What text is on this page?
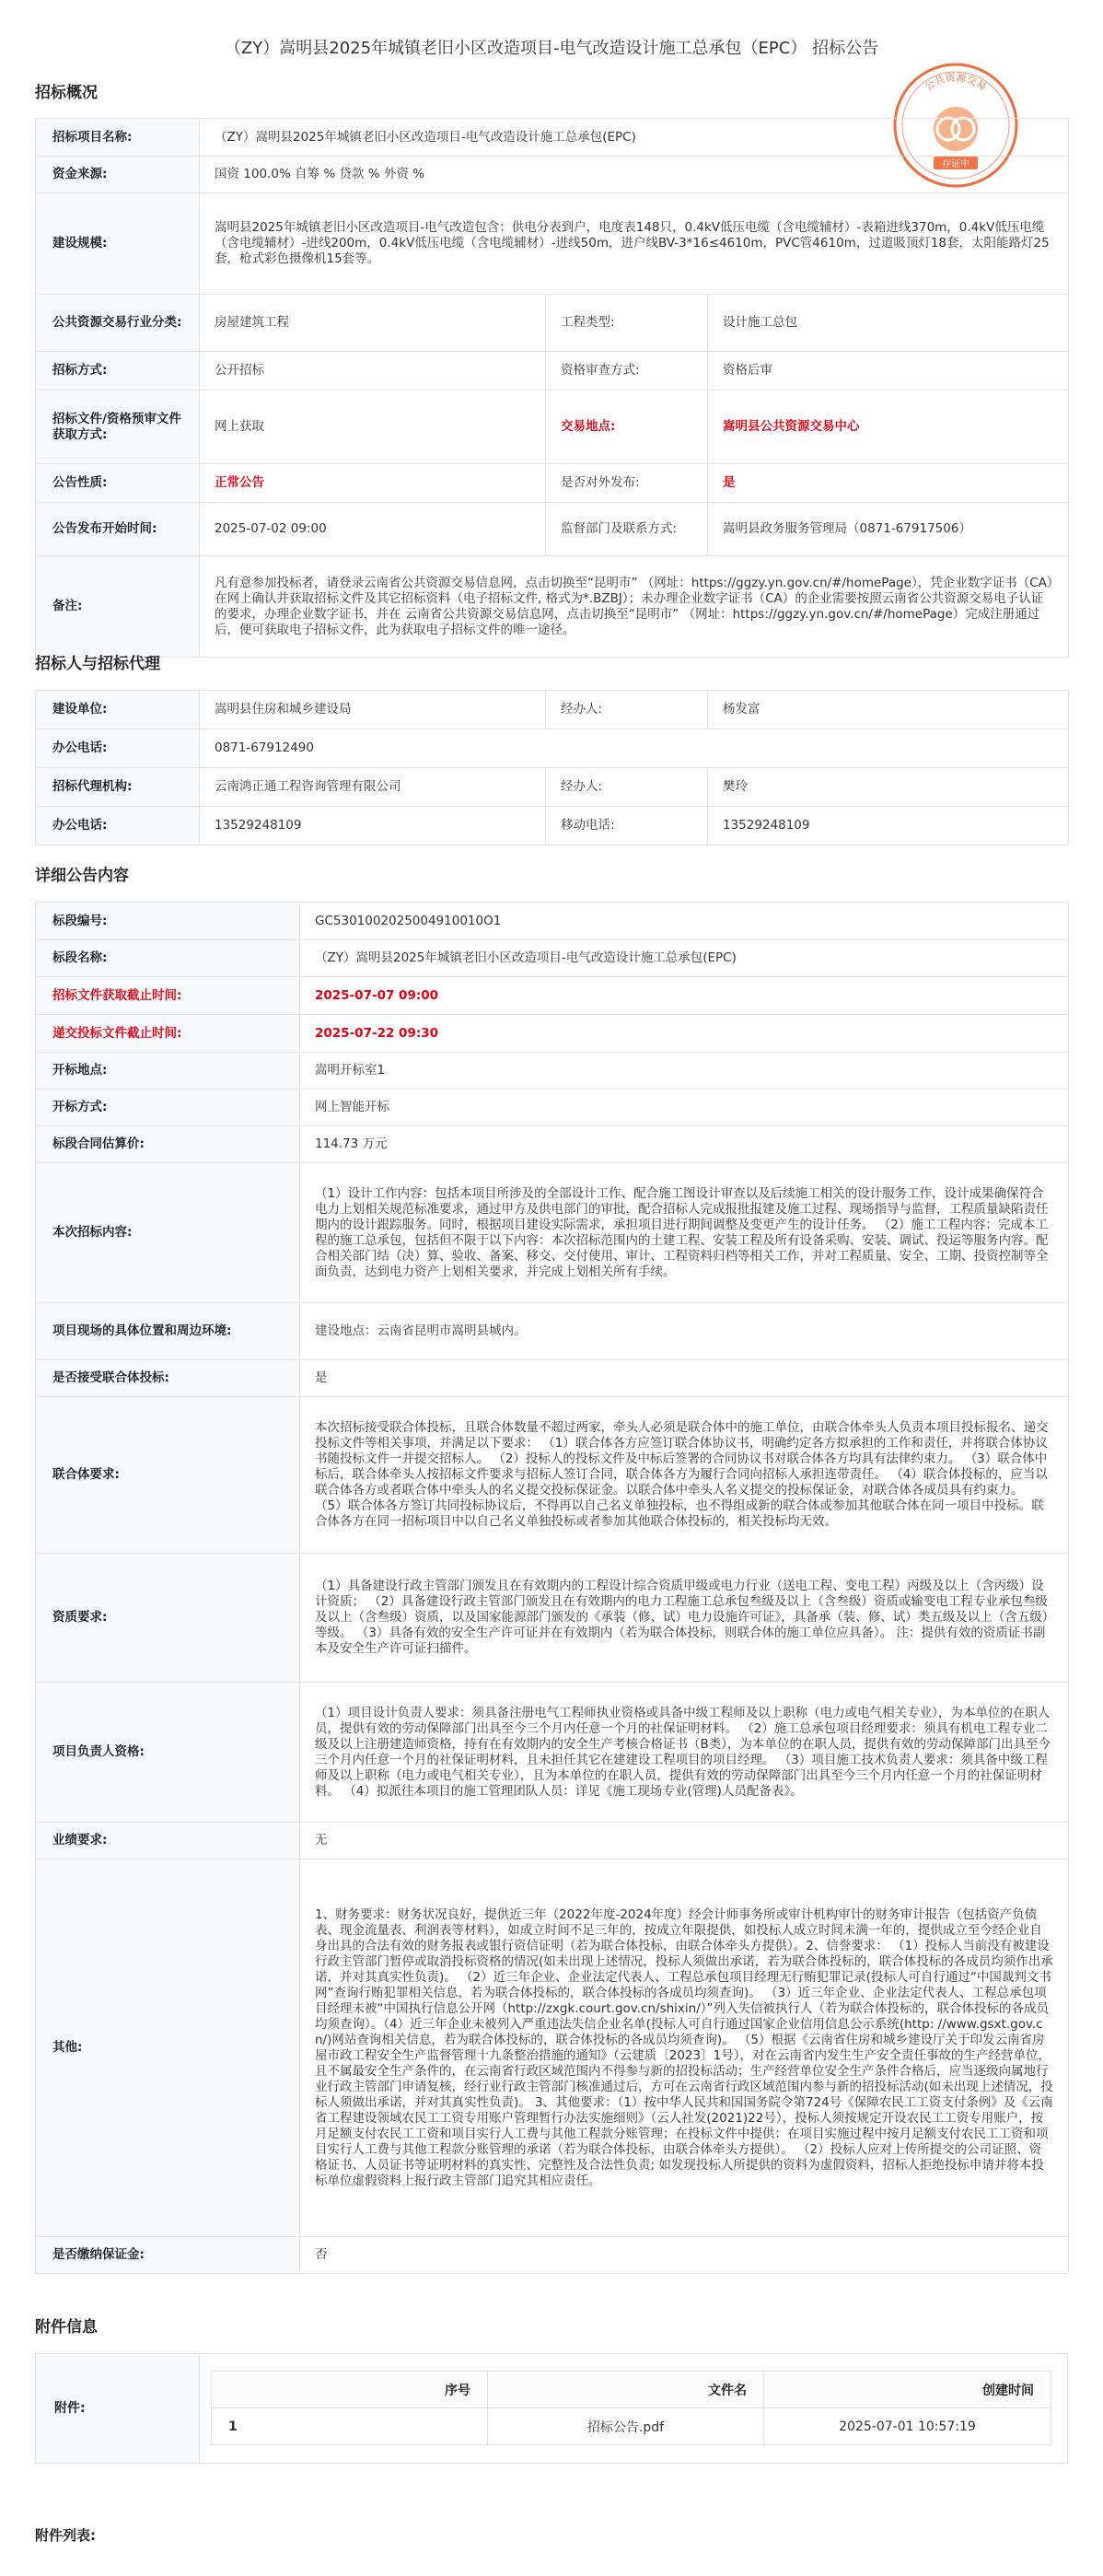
（ZY）嵩明县2025年城镇老旧小区改造项目-电气改造设计施工总承包（EPC） 招标公告
公共资源交易
存证中
招标概况
招标项目名称:	（ZY）嵩明县2025年城镇老旧小区改造项目-电气改造设计施工总承包(EPC)		
资金来源:	国资 100.0% 自筹 % 贷款 % 外资 %		
建设规模:	嵩明县2025年城镇老旧小区改造项目-电气改造包含：供电分表到户，电度表148只，0.4kV低压电缆（含电缆辅材）-表箱进线370m，0.4kV低压电缆（含电缆辅材）-进线200m，0.4kV低压电缆（含电缆辅材）-进线50m，进户线BV-3*16≤4610m，PVC管4610m，过道吸顶灯18套，太阳能路灯25套，枪式彩色摄像机15套等。		
公共资源交易行业分类:	房屋建筑工程	工程类型:	设计施工总包
招标方式:	公开招标	资格审查方式:	资格后审
招标文件/资格预审文件获取方式:	网上获取	交易地点:	嵩明县公共资源交易中心
公告性质:	正常公告	是否对外发布:	是
公告发布开始时间:	2025-07-02 09:00	监督部门及联系方式:	嵩明县政务服务管理局（0871-67917506）
备注:	凡有意参加投标者，请登录云南省公共资源交易信息网，点击切换至“昆明市” （网址：https://ggzy.yn.gov.cn/#/homePage），凭企业数字证书（CA）在网上确认并获取招标文件及其它招标资料（电子招标文件, 格式为*.BZBJ）；未办理企业数字证书（CA）的企业需要按照云南省公共资源交易电子认证的要求，办理企业数字证书，并在 云南省公共资源交易信息网，点击切换至“昆明市” （网址：https://ggzy.yn.gov.cn/#/homePage）完成注册通过后，便可获取电子招标文件，此为获取电子招标文件的唯一途径。		
招标人与招标代理
建设单位:	嵩明县住房和城乡建设局	经办人:	杨发富
办公电话:	0871-67912490		
招标代理机构:	云南鸿正通工程咨询管理有限公司	经办人:	樊玲
办公电话:	13529248109	移动电话:	13529248109
详细公告内容
标段编号:	GC5301002025004910010O1
标段名称:	（ZY）嵩明县2025年城镇老旧小区改造项目-电气改造设计施工总承包(EPC)
招标文件获取截止时间:	2025-07-07 09:00
递交投标文件截止时间:	2025-07-22 09:30
开标地点:	嵩明开标室1
开标方式:	网上智能开标
标段合同估算价:	114.73 万元
本次招标内容:	（1）设计工作内容：包括本项目所涉及的全部设计工作、配合施工图设计审查以及后续施工相关的设计服务工作，设计成果确保符合电力上划相关规范标准要求，通过甲方及供电部门的审批，配合招标人完成报批报建及施工过程、现场指导与监督，工程质量缺陷责任期内的设计跟踪服务。同时，根据项目建设实际需求，承担项目进行期间调整及变更产生的设计任务。 （2）施工工程内容：完成本工程的施工总承包，包括但不限于以下内容：本次招标范围内的土建工程、安装工程及所有设备采购、安装、调试、投运等服务内容。配合相关部门结（决）算、验收、备案、移交、交付使用、审计、工程资料归档等相关工作，并对工程质量、安全、工期、投资控制等全面负责，达到电力资产上划相关要求，并完成上划相关所有手续。
项目现场的具体位置和周边环境:	建设地点：云南省昆明市嵩明县城内。
是否接受联合体投标:	是
联合体要求:	本次招标接受联合体投标，且联合体数量不超过两家，牵头人必须是联合体中的施工单位，由联合体牵头人负责本项目投标报名、递交投标文件等相关事项，并满足以下要求： （1）联合体各方应签订联合体协议书，明确约定各方拟承担的工作和责任，并将联合体协议书随投标文件一并提交招标人。 （2）投标人的投标文件及中标后签署的合同协议书对联合体各方均具有法律约束力。 （3）联合体中标后，联合体牵头人按招标文件要求与招标人签订合同，联合体各方为履行合同向招标人承担连带责任。 （4）联合体投标的，应当以联合体各方或者联合体中牵头人的名义提交投标保证金。以联合体中牵头人名义提交的投标保证金，对联合体各成员具有约束力。 （5）联合体各方签订共同投标协议后，不得再以自己名义单独投标，也不得组成新的联合体或参加其他联合体在同一项目中投标。联合体各方在同一招标项目中以自己名义单独投标或者参加其他联合体投标的，相关投标均无效。
资质要求:	（1）具备建设行政主管部门颁发且在有效期内的工程设计综合资质甲级或电力行业（送电工程、变电工程）丙级及以上（含丙级）设计资质； （2）具备建设行政主管部门颁发且在有效期内的电力工程施工总承包叁级及以上（含叁级）资质或输变电工程专业承包叁级及以上（含叁级）资质，以及国家能源部门颁发的《承装（修、试）电力设施许可证》，具备承（装、修、试）类五级及以上（含五级）等级。 （3）具备有效的安全生产许可证并在有效期内（若为联合体投标，则联合体的施工单位应具备）。 注：提供有效的资质证书副本及安全生产许可证扫描件。
项目负责人资格:	（1）项目设计负责人要求：须具备注册电气工程师执业资格或具备中级工程师及以上职称（电力或电气相关专业），为本单位的在职人员，提供有效的劳动保障部门出具至今三个月内任意一个月的社保证明材料。 （2）施工总承包项目经理要求：须具有机电工程专业二级及以上注册建造师资格，持有在有效期内的安全生产考核合格证书（B类），为本单位的在职人员，提供有效的劳动保障部门出具至今三个月内任意一个月的社保证明材料，且未担任其它在建建设工程项目的项目经理。 （3）项目施工技术负责人要求：须具备中级工程师及以上职称（电力或电气相关专业），且为本单位的在职人员，提供有效的劳动保障部门出具至今三个月内任意一个月的社保证明材料。 （4）拟派往本项目的施工管理团队人员：详见《施工现场专业(管理)人员配备表》。
业绩要求:	无
其他:	1、财务要求：财务状况良好，提供近三年（2022年度-2024年度）经会计师事务所或审计机构审计的财务审计报告（包括资产负债表、现金流量表、利润表等材料），如成立时间不足三年的，按成立年限提供，如投标人成立时间未满一年的，提供成立至今经企业自身出具的合法有效的财务报表或银行资信证明（若为联合体投标，由联合体牵头方提供）。2、信誉要求： （1）投标人当前没有被建设行政主管部门暂停或取消投标资格的情况(如未出现上述情况，投标人须做出承诺，若为联合体投标的，联合体投标的各成员均须作出承诺，并对其真实性负责)。 （2）近三年企业、企业法定代表人、工程总承包项目经理无行贿犯罪记录(投标人可自行通过“中国裁判文书网”查询行贿犯罪相关信息，若为联合体投标的，联合体投标的各成员均须查询)。 （3）近三年企业、企业法定代表人、工程总承包项目经理未被“中国执行信息公开网（http://zxgk.court.gov.cn/shixin/）”列入失信被执行人（若为联合体投标的，联合体投标的各成员均须查询）。（4）近三年企业未被列入严重违法失信企业名单(投标人可自行通过国家企业信用信息公示系统(http: //www.gsxt.gov.cn/)网站查询相关信息，若为联合体投标的，联合体投标的各成员均须查询)。 （5）根据《云南省住房和城乡建设厅关于印发云南省房屋市政工程安全生产监督管理十九条整治措施的通知》（云建质〔2023〕1号），对在云南省内发生生产安全责任事故的生产经营单位，且不属最安全生产条件的，在云南省行政区域范围内不得参与新的招投标活动；生产经营单位安全生产条件合格后，应当逐级向属地行业行政主管部门申请复核，经行业行政主管部门核准通过后，方可在云南省行政区域范围内参与新的招投标活动(如未出现上述情况，投标人须做出承诺，并对其真实性负责)。 3、其他要求：（1）按中华人民共和国国务院令第724号《保障农民工工资支付条例》及《云南省工程建设领域农民工工资专用账户管理暂行办法实施细则》（云人社发(2021)22号），投标人须按规定开设农民工工资专用账户，按月足额支付农民工工资和项目实行人工费与其他工程款分账管理；在投标文件中提供：在项目实施过程中按月足额支付农民工工资和项目实行人工费与其他工程款分账管理的承诺（若为联合体投标，由联合体牵头方提供）。 （2）投标人应对上传所提交的公司证照、资格证书、人员证书等证明材料的真实性、完整性及合法性负责; 如发现投标人所提供的资料为虚假资料，招标人拒绝投标申请并将本投标单位虚假资料上报行政主管部门追究其相应责任。
是否缴纳保证金:	否
附件信息
附件:
序号	文件名	创建时间
1	招标公告.pdf	2025-07-01 10:57:19
附件列表:
